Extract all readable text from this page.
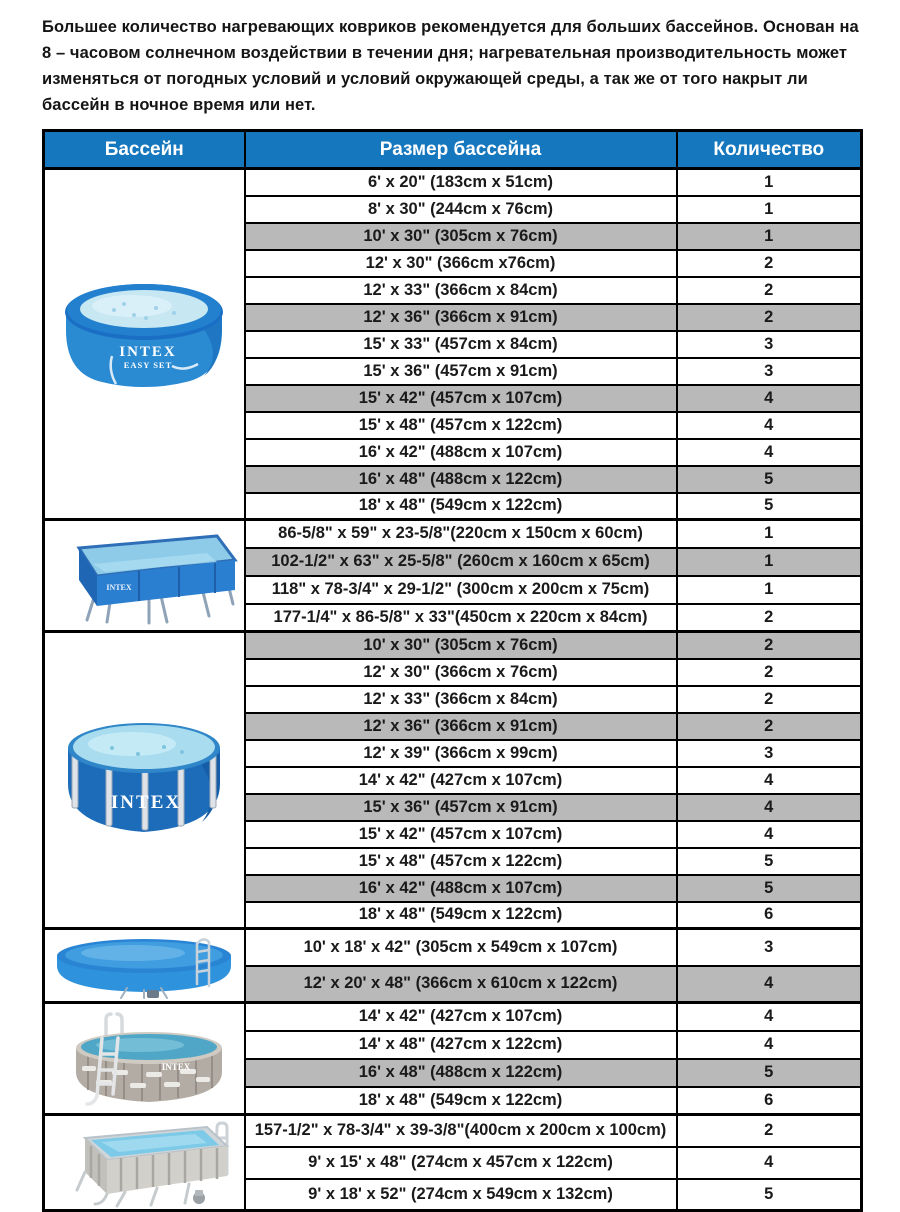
Большее количество нагревающих ковриков рекомендуется для больших бассейнов. Основан на 8 – часовом солнечном воздействии в течении дня; нагревательная производительность может изменяться от погодных условий и условий окружающей среды, а так же от того накрыт ли бассейн в ночное время или нет.

Бассейн	Размер бассейна	Количество

INTEX
EASY SET	6' x 20" (183cm x 51cm)	1
	8' x 30" (244cm x 76cm)	1
	10' x 30" (305cm x 76cm)	1
	12' x 30" (366cm x76cm)	2
	12' x 33" (366cm x 84cm)	2
	12' x 36" (366cm x 91cm)	2
	15' x 33" (457cm x 84cm)	3
	15' x 36" (457cm x 91cm)	3
	15' x 42" (457cm x 107cm)	4
	15' x 48" (457cm x 122cm)	4
	16' x 42" (488cm x 107cm)	4
	16' x 48" (488cm x 122cm)	5
	18' x 48" (549cm x 122cm)	5

INTEX	86-5/8" x 59" x 23-5/8"(220cm x 150cm x 60cm)	1
	102-1/2" x 63" x 25-5/8" (260cm x 160cm x 65cm)	1
	118" x 78-3/4" x 29-1/2" (300cm x 200cm x 75cm)	1
	177-1/4" x 86-5/8" x 33"(450cm x 220cm x 84cm)	2

INTEX	10' x 30" (305cm x 76cm)	2
	12' x 30" (366cm x 76cm)	2
	12' x 33" (366cm x 84cm)	2
	12' x 36" (366cm x 91cm)	2
	12' x 39" (366cm x 99cm)	3
	14' x 42" (427cm x 107cm)	4
	15' x 36" (457cm x 91cm)	4
	15' x 42" (457cm x 107cm)	4
	15' x 48" (457cm x 122cm)	5
	16' x 42" (488cm x 107cm)	5
	18' x 48" (549cm x 122cm)	6

	10' x 18' x 42" (305cm x 549cm x 107cm)	3
	12' x 20' x 48" (366cm x 610cm x 122cm)	4

INTEX	14' x 42" (427cm x 107cm)	4
	14' x 48" (427cm x 122cm)	4
	16' x 48" (488cm x 122cm)	5
	18' x 48" (549cm x 122cm)	6

	157-1/2" x 78-3/4" x 39-3/8"(400cm x 200cm x 100cm)	2
	9' x 15' x 48" (274cm x 457cm x 122cm)	4
	9' x 18' x 52" (274cm x 549cm x 132cm)	5
